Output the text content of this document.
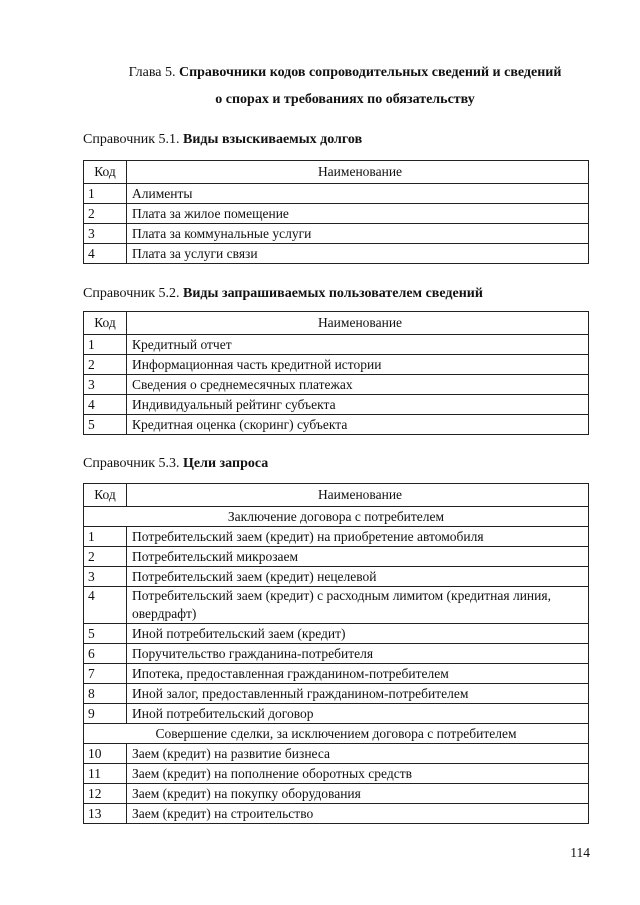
Глава 5. Справочники кодов сопроводительных сведений и сведений
о спорах и требованиях по обязательству
Справочник 5.1. Виды взыскиваемых долгов
Код	Наименование
1	Алименты
2	Плата за жилое помещение
3	Плата за коммунальные услуги
4	Плата за услуги связи
Справочник 5.2. Виды запрашиваемых пользователем сведений
Код	Наименование
1	Кредитный отчет
2	Информационная часть кредитной истории
3	Сведения о среднемесячных платежах
4	Индивидуальный рейтинг субъекта
5	Кредитная оценка (скоринг) субъекта
Справочник 5.3. Цели запроса
Код	Наименование
Заключение договора с потребителем	
1	Потребительский заем (кредит) на приобретение автомобиля
2	Потребительский микрозаем
3	Потребительский заем (кредит) нецелевой
4	Потребительский заем (кредит) с расходным лимитом (кредитная линия, овердрафт)
5	Иной потребительский заем (кредит)
6	Поручительство гражданина-потребителя
7	Ипотека, предоставленная гражданином-потребителем
8	Иной залог, предоставленный гражданином-потребителем
9	Иной потребительский договор
Совершение сделки, за исключением договора с потребителем	
10	Заем (кредит) на развитие бизнеса
11	Заем (кредит) на пополнение оборотных средств
12	Заем (кредит) на покупку оборудования
13	Заем (кредит) на строительство
114
